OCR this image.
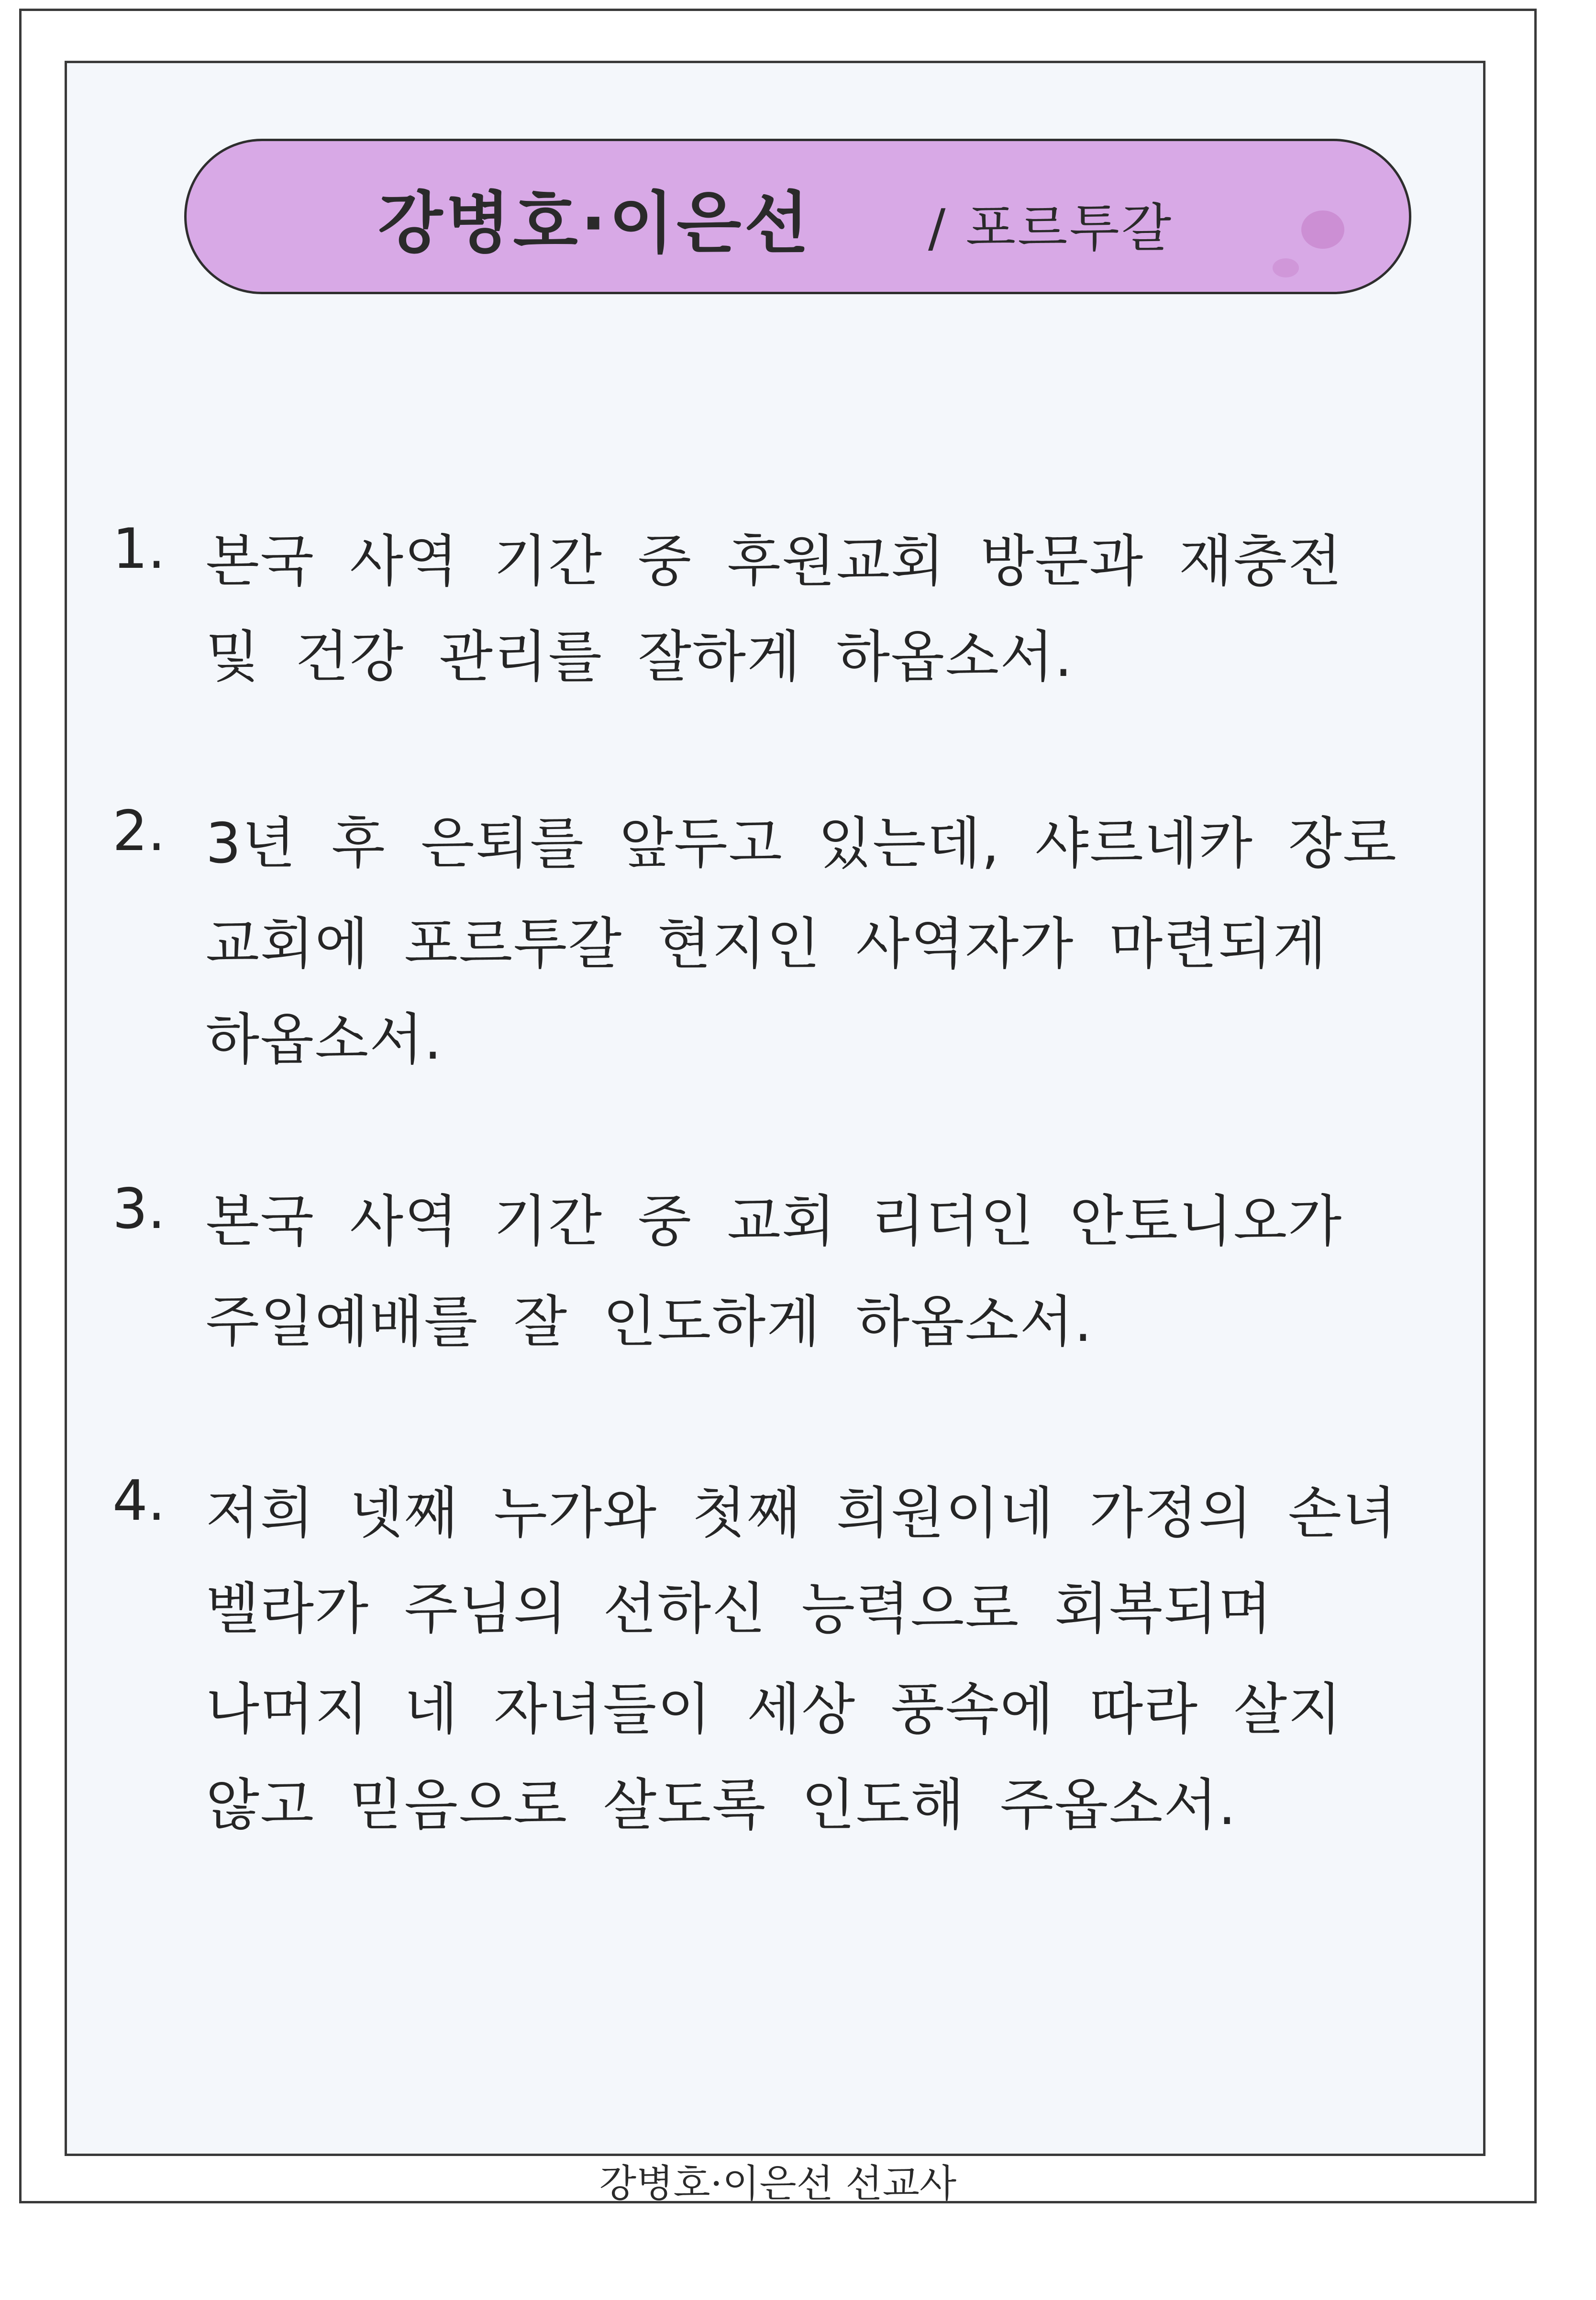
강병호·이은선 / 포르투갈
1. 본국 사역 기간 중 후원교회 방문과 재충전
및 건강 관리를 잘하게 하옵소서.
2. 3년 후 은퇴를 앞두고 있는데, 샤르네카 장로
교회에 포르투갈 현지인 사역자가 마련되게
하옵소서.
3. 본국 사역 기간 중 교회 리더인 안토니오가
주일예배를 잘 인도하게 하옵소서.
4. 저희 넷째 누가와 첫째 희원이네 가정의 손녀
벨라가 주님의 선하신 능력으로 회복되며
나머지 네 자녀들이 세상 풍속에 따라 살지
않고 믿음으로 살도록 인도해 주옵소서.
강병호·이은선 선교사
